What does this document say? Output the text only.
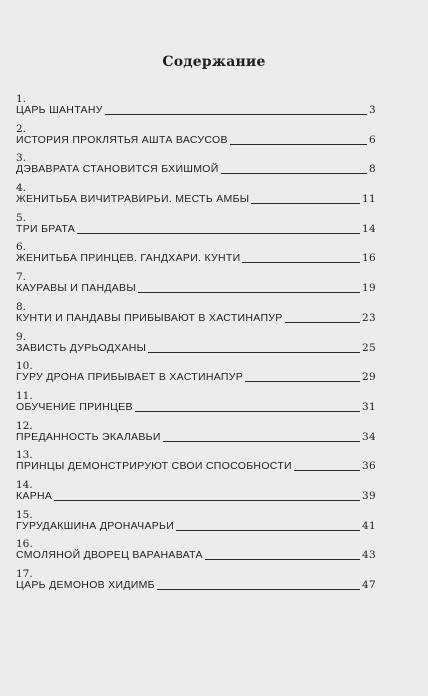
Содержание
1.
ЦАРЬ ШАНТАНУ	3
2.
ИСТОРИЯ ПРОКЛЯТЬЯ АШТА ВАСУСОВ	6
3.
ДЭВАВРАТА СТАНОВИТСЯ БХИШМОЙ	8
4.
ЖЕНИТЬБА ВИЧИТРАВИРЬИ. МЕСТЬ АМБЫ	11
5.
ТРИ БРАТА	14
6.
ЖЕНИТЬБА ПРИНЦЕВ. ГАНДХАРИ. КУНТИ	16
7.
КАУРАВЫ И ПАНДАВЫ	19
8.
КУНТИ И ПАНДАВЫ ПРИБЫВАЮТ В ХАСТИНАПУР	23
9.
ЗАВИСТЬ ДУРЬОДХАНЫ	25
10.
ГУРУ ДРОНА ПРИБЫВАЕТ В ХАСТИНАПУР	29
11.
ОБУЧЕНИЕ ПРИНЦЕВ	31
12.
ПРЕДАННОСТЬ ЭКАЛАВЬИ	34
13.
ПРИНЦЫ ДЕМОНСТРИРУЮТ СВОИ СПОСОБНОСТИ	36
14.
КАРНА	39
15.
ГУРУДАКШИНА ДРОНАЧАРЬИ	41
16.
СМОЛЯНОЙ ДВОРЕЦ ВАРАНАВАТА	43
17.
ЦАРЬ ДЕМОНОВ ХИДИМБ	47
